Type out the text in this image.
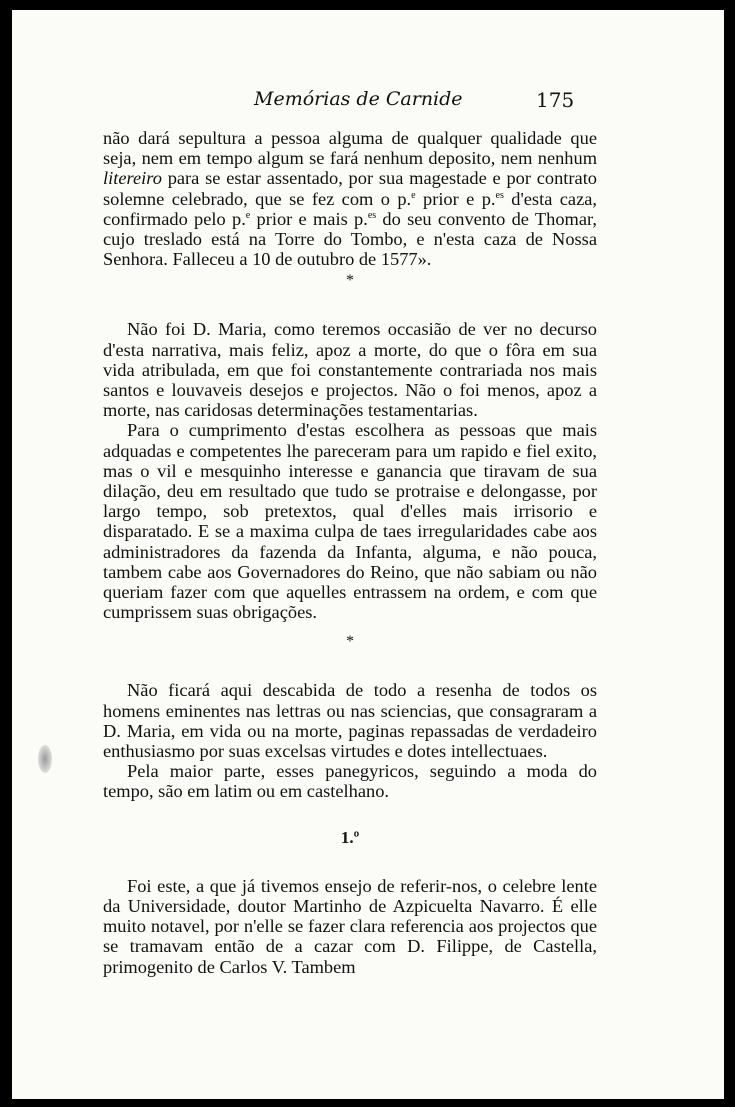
Memórias de Carnide	175

não dará sepultura a pessoa alguma de qualquer qualidade que seja, nem em tempo algum se fará nenhum deposito, nem nenhum litereiro para se estar assentado, por sua magestade e por contrato solemne celebrado, que se fez com o p.$^e$ prior e p.$^{es}$ d'esta caza, confirmado pelo p.$^e$ prior e mais p.$^{es}$ do seu convento de Thomar, cujo treslado está na Torre do Tombo, e n'esta caza de Nossa Senhora. Falleceu a 10 de outubro de 1577».

*

Não foi D. Maria, como teremos occasião de ver no decurso d'esta narrativa, mais feliz, apoz a morte, do que o fôra em sua vida atribulada, em que foi constantemente contrariada nos mais santos e louvaveis desejos e projectos. Não o foi menos, apoz a morte, nas caridosas determinações testamentarias.

Para o cumprimento d'estas escolhera as pessoas que mais adquadas e competentes lhe pareceram para um rapido e fiel exito, mas o vil e mesquinho interesse e ganancia que tiravam de sua dilação, deu em resultado que tudo se protraise e delongasse, por largo tempo, sob pretextos, qual d'elles mais irrisorio e disparatado. E se a maxima culpa de taes irregularidades cabe aos administradores da fazenda da Infanta, alguma, e não pouca, tambem cabe aos Governadores do Reino, que não sabiam ou não queriam fazer com que aquelles entrassem na ordem, e com que cumprissem suas obrigações.

*

Não ficará aqui descabida de todo a resenha de todos os homens eminentes nas lettras ou nas sciencias, que consagraram a D. Maria, em vida ou na morte, paginas repassadas de verdadeiro enthusiasmo por suas excelsas virtudes e dotes intellectuaes.

Pela maior parte, esses panegyricos, seguindo a moda do tempo, são em latim ou em castelhano.

1.º

Foi este, a que já tivemos ensejo de referir-nos, o celebre lente da Universidade, doutor Martinho de Azpicuelta Navarro. É elle muito notavel, por n'elle se fazer clara referencia aos projectos que se tramavam então de a cazar com D. Filippe, de Castella, primogenito de Carlos V. Tambem
